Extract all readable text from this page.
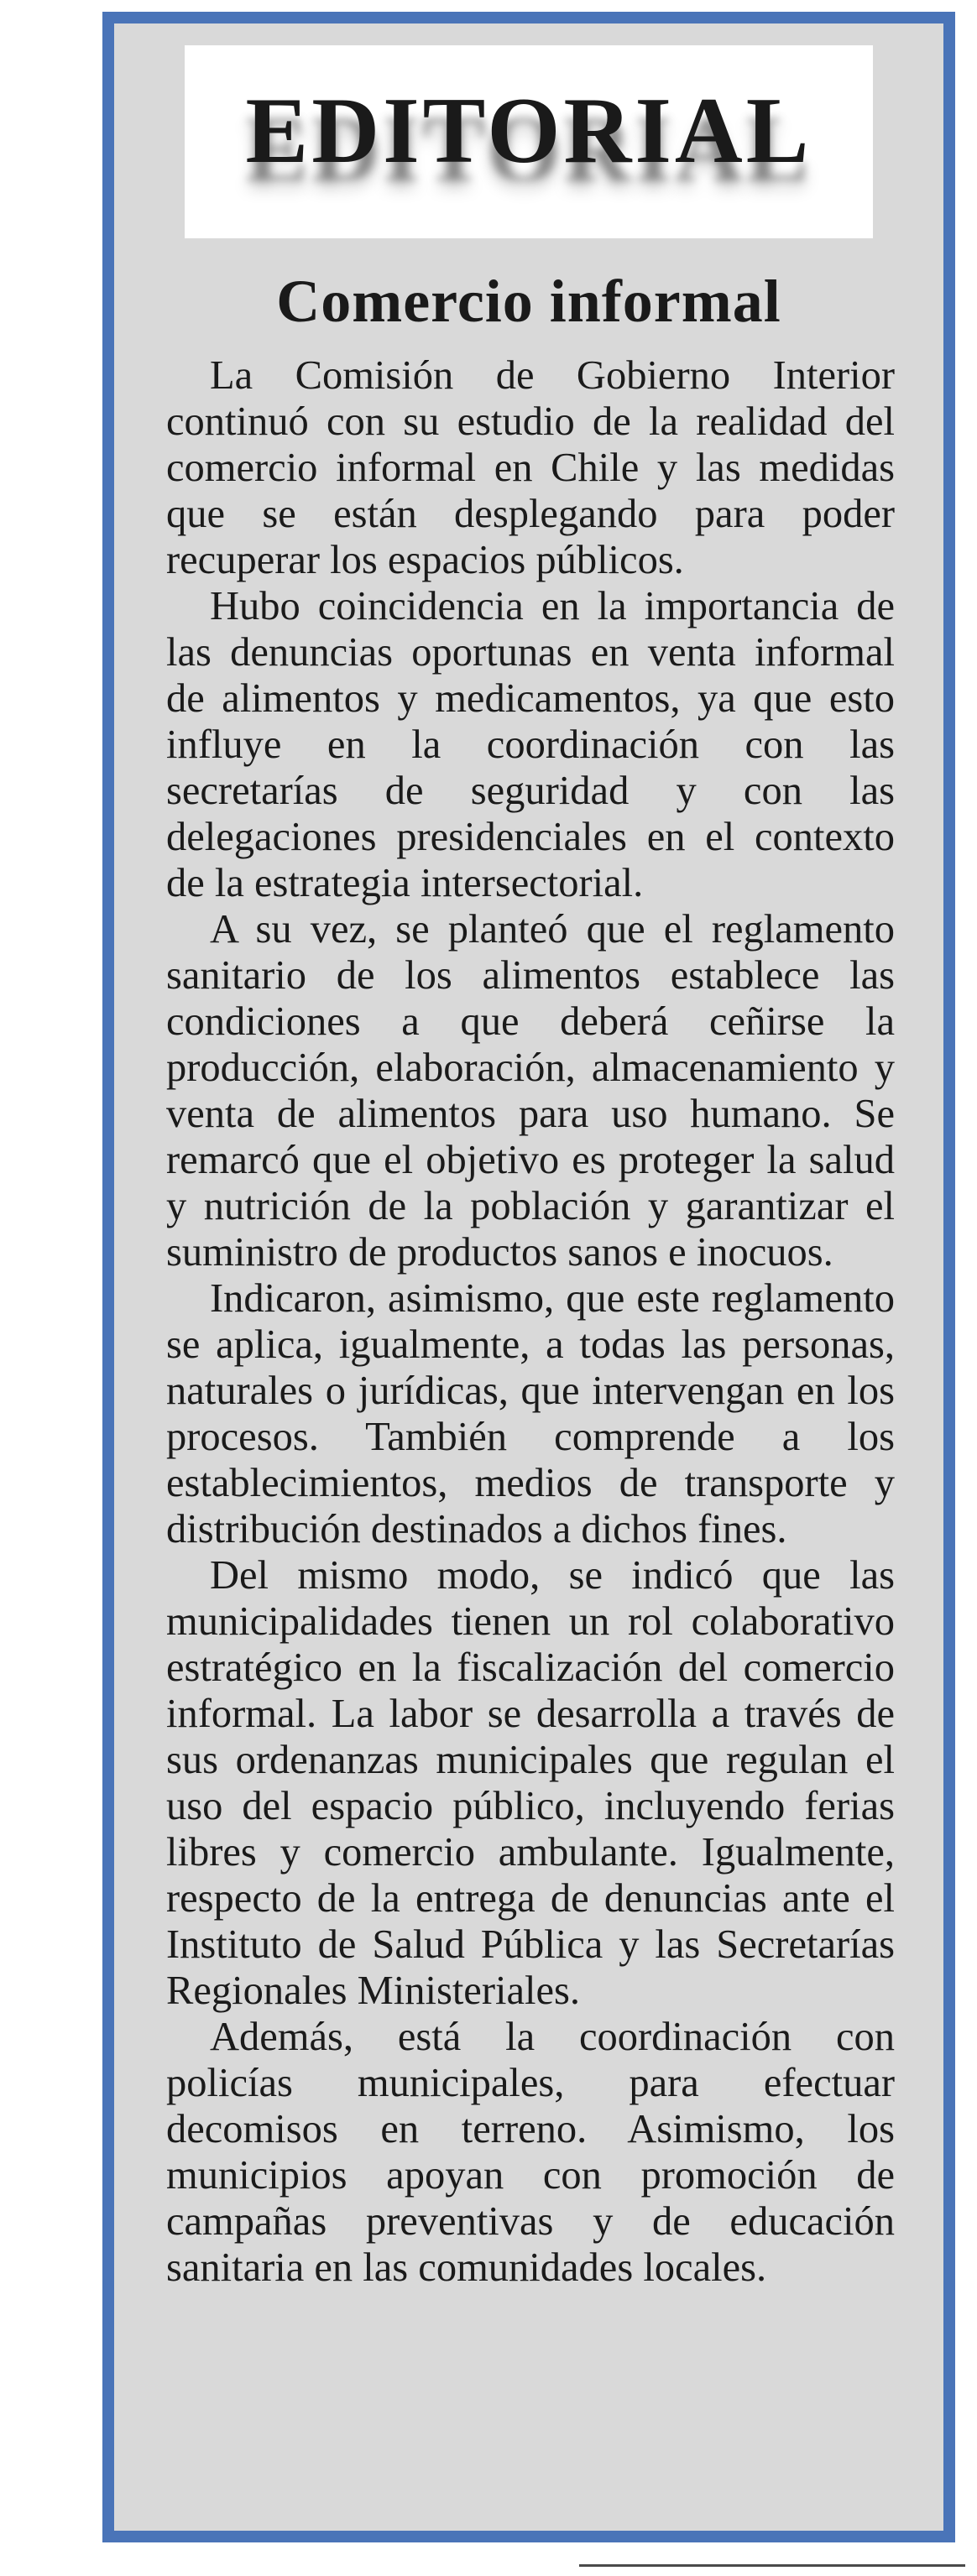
EDITORIAL
Comercio informal

La Comisión de Gobierno Interior continuó con su estudio de la realidad del comercio informal en Chile y las medidas que se están desplegando para poder recuperar los espacios públicos.

Hubo coincidencia en la importancia de las denuncias oportunas en venta informal de alimentos y medicamentos, ya que esto influye en la coordinación con las secretarías de seguridad y con las delegaciones presidenciales en el contexto de la estrategia intersectorial.

A su vez, se planteó que el reglamento sanitario de los alimentos establece las condiciones a que deberá ceñirse la producción, elaboración, almacenamiento y venta de alimentos para uso humano. Se remarcó que el objetivo es proteger la salud y nutrición de la población y garantizar el suministro de productos sanos e inocuos.

Indicaron, asimismo, que este reglamento se aplica, igualmente, a todas las personas, naturales o jurídicas, que intervengan en los procesos. También comprende a los establecimientos, medios de transporte y distribución destinados a dichos fines.

Del mismo modo, se indicó que las municipalidades tienen un rol colaborativo estratégico en la fiscalización del comercio informal. La labor se desarrolla a través de sus ordenanzas municipales que regulan el uso del espacio público, incluyendo ferias libres y comercio ambulante. Igualmente, respecto de la entrega de denuncias ante el Instituto de Salud Pública y las Secretarías Regionales Ministeriales.

Además, está la coordinación con policías municipales, para efectuar decomisos en terreno. Asimismo, los municipios apoyan con promoción de campañas preventivas y de educación sanitaria en las comunidades locales.
